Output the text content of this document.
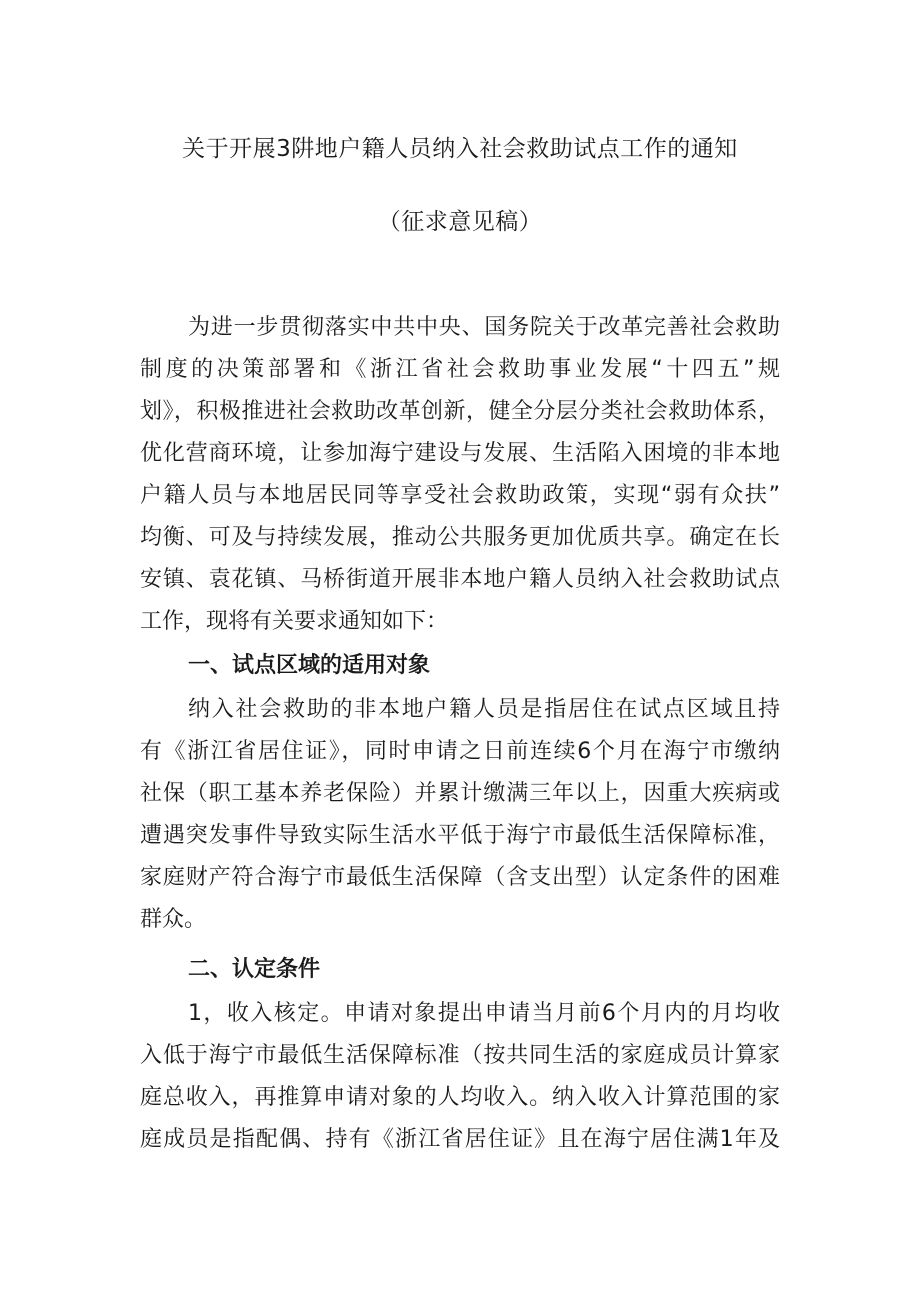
关于开展3阱地户籍人员纳入社会救助试点工作的通知
（征求意见稿）
为进一步贯彻落实中共中央、国务院关于改革完善社会救助
制度的决策部署和《浙江省社会救助事业发展“十四五”规
划》，积极推进社会救助改革创新，健全分层分类社会救助体系，
优化营商环境，让参加海宁建设与发展、生活陷入困境的非本地
户籍人员与本地居民同等享受社会救助政策，实现“弱有众扶”
均衡、可及与持续发展，推动公共服务更加优质共享。确定在长
安镇、袁花镇、马桥街道开展非本地户籍人员纳入社会救助试点
工作，现将有关要求通知如下：
一、试点区域的适用对象
纳入社会救助的非本地户籍人员是指居住在试点区域且持
有《浙江省居住证》，同时申请之日前连续6个月在海宁市缴纳
社保（职工基本养老保险）并累计缴满三年以上，因重大疾病或
遭遇突发事件导致实际生活水平低于海宁市最低生活保障标准，
家庭财产符合海宁市最低生活保障（含支出型）认定条件的困难
群众。
二、认定条件
1，收入核定。申请对象提出申请当月前6个月内的月均收
入低于海宁市最低生活保障标准（按共同生活的家庭成员计算家
庭总收入，再推算申请对象的人均收入。纳入收入计算范围的家
庭成员是指配偶、持有《浙江省居住证》且在海宁居住满1年及
